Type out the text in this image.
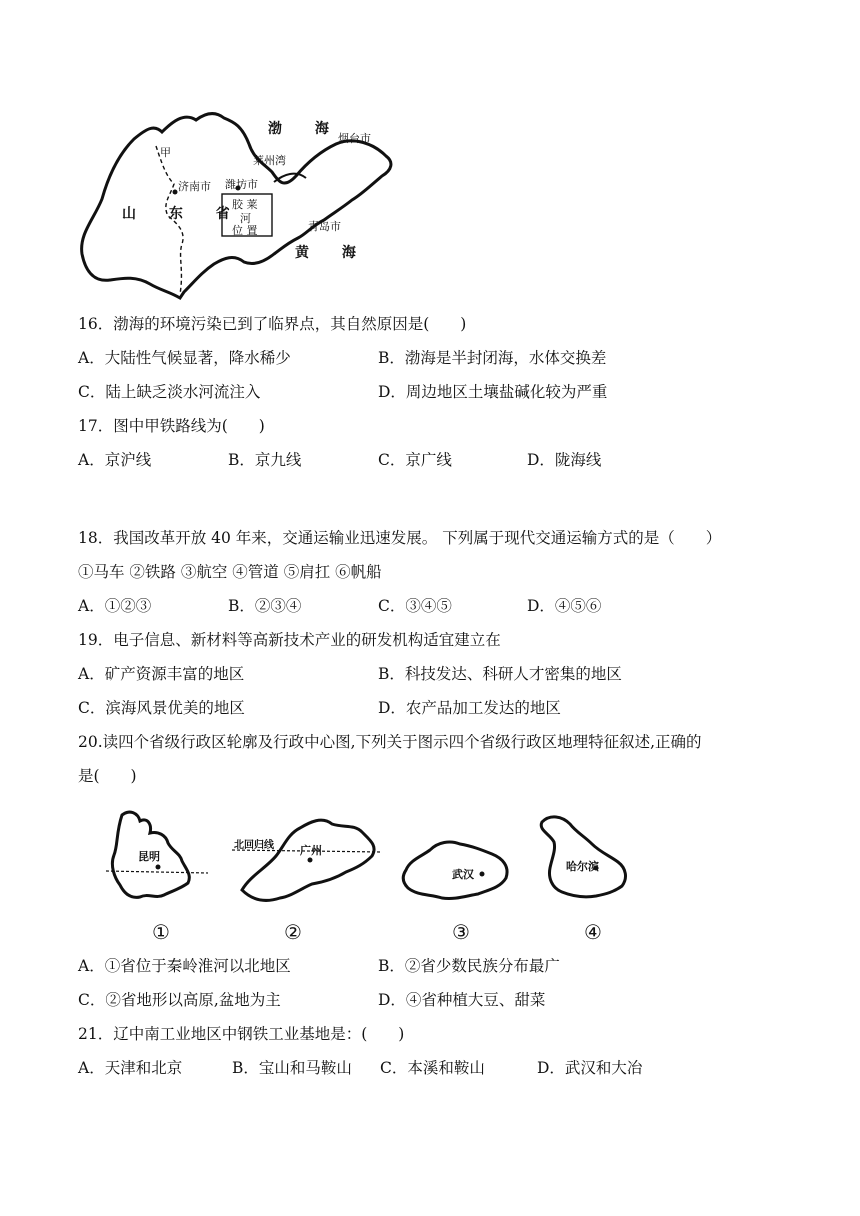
渤 海
烟台市
莱州湾
甲
济南市 潍坊市
山 东 省
胶 莱
河
位 置	青岛市
黄 海
16．渤海的环境污染已到了临界点，其自然原因是(　　)
A．大陆性气候显著，降水稀少	B．渤海是半封闭海，水体交换差
C．陆上缺乏淡水河流注入	D．周边地区土壤盐碱化较为严重
17．图中甲铁路线为(　　)
A．京沪线	B．京九线	C．京广线	D．陇海线
18．我国改革开放 40 年来，交通运输业迅速发展。 下列属于现代交通运输方式的是（　　）
①马车 ②铁路 ③航空 ④管道 ⑤肩扛 ⑥帆船
A．①②③	B．②③④	C．③④⑤	D．④⑤⑥
19．电子信息、新材料等高新技术产业的研发机构适宜建立在
A．矿产资源丰富的地区	B．科技发达、科研人才密集的地区
C．滨海风景优美的地区	D．农产品加工发达的地区
20.读四个省级行政区轮廓及行政中心图,下列关于图示四个省级行政区地理特征叙述,正确的
是(　　)
昆明
北回归线 广州
武汉
哈尔滨
①	②	③	④
A．①省位于秦岭淮河以北地区	B．②省少数民族分布最广
C．②省地形以高原,盆地为主	D．④省种植大豆、甜菜
21．辽中南工业地区中钢铁工业基地是：(　　)
A．天津和北京	B．宝山和马鞍山 C．本溪和鞍山	D．武汉和大冶
